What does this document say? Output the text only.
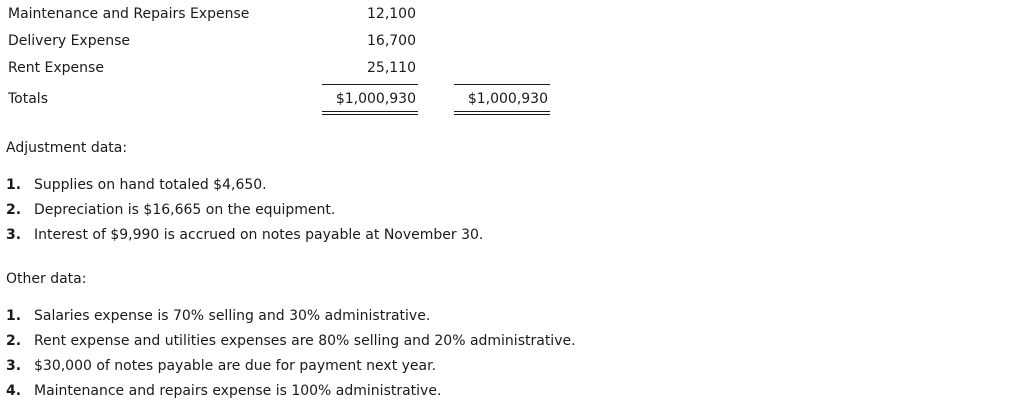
Maintenance and Repairs Expense	12,100
Delivery Expense	16,700
Rent Expense	25,110
Totals	$1,000,930	$1,000,930
Adjustment data:
1. Supplies on hand totaled $4,650.
2. Depreciation is $16,665 on the equipment.
3. Interest of $9,990 is accrued on notes payable at November 30.
Other data:
1. Salaries expense is 70% selling and 30% administrative.
2. Rent expense and utilities expenses are 80% selling and 20% administrative.
3. $30,000 of notes payable are due for payment next year.
4. Maintenance and repairs expense is 100% administrative.
